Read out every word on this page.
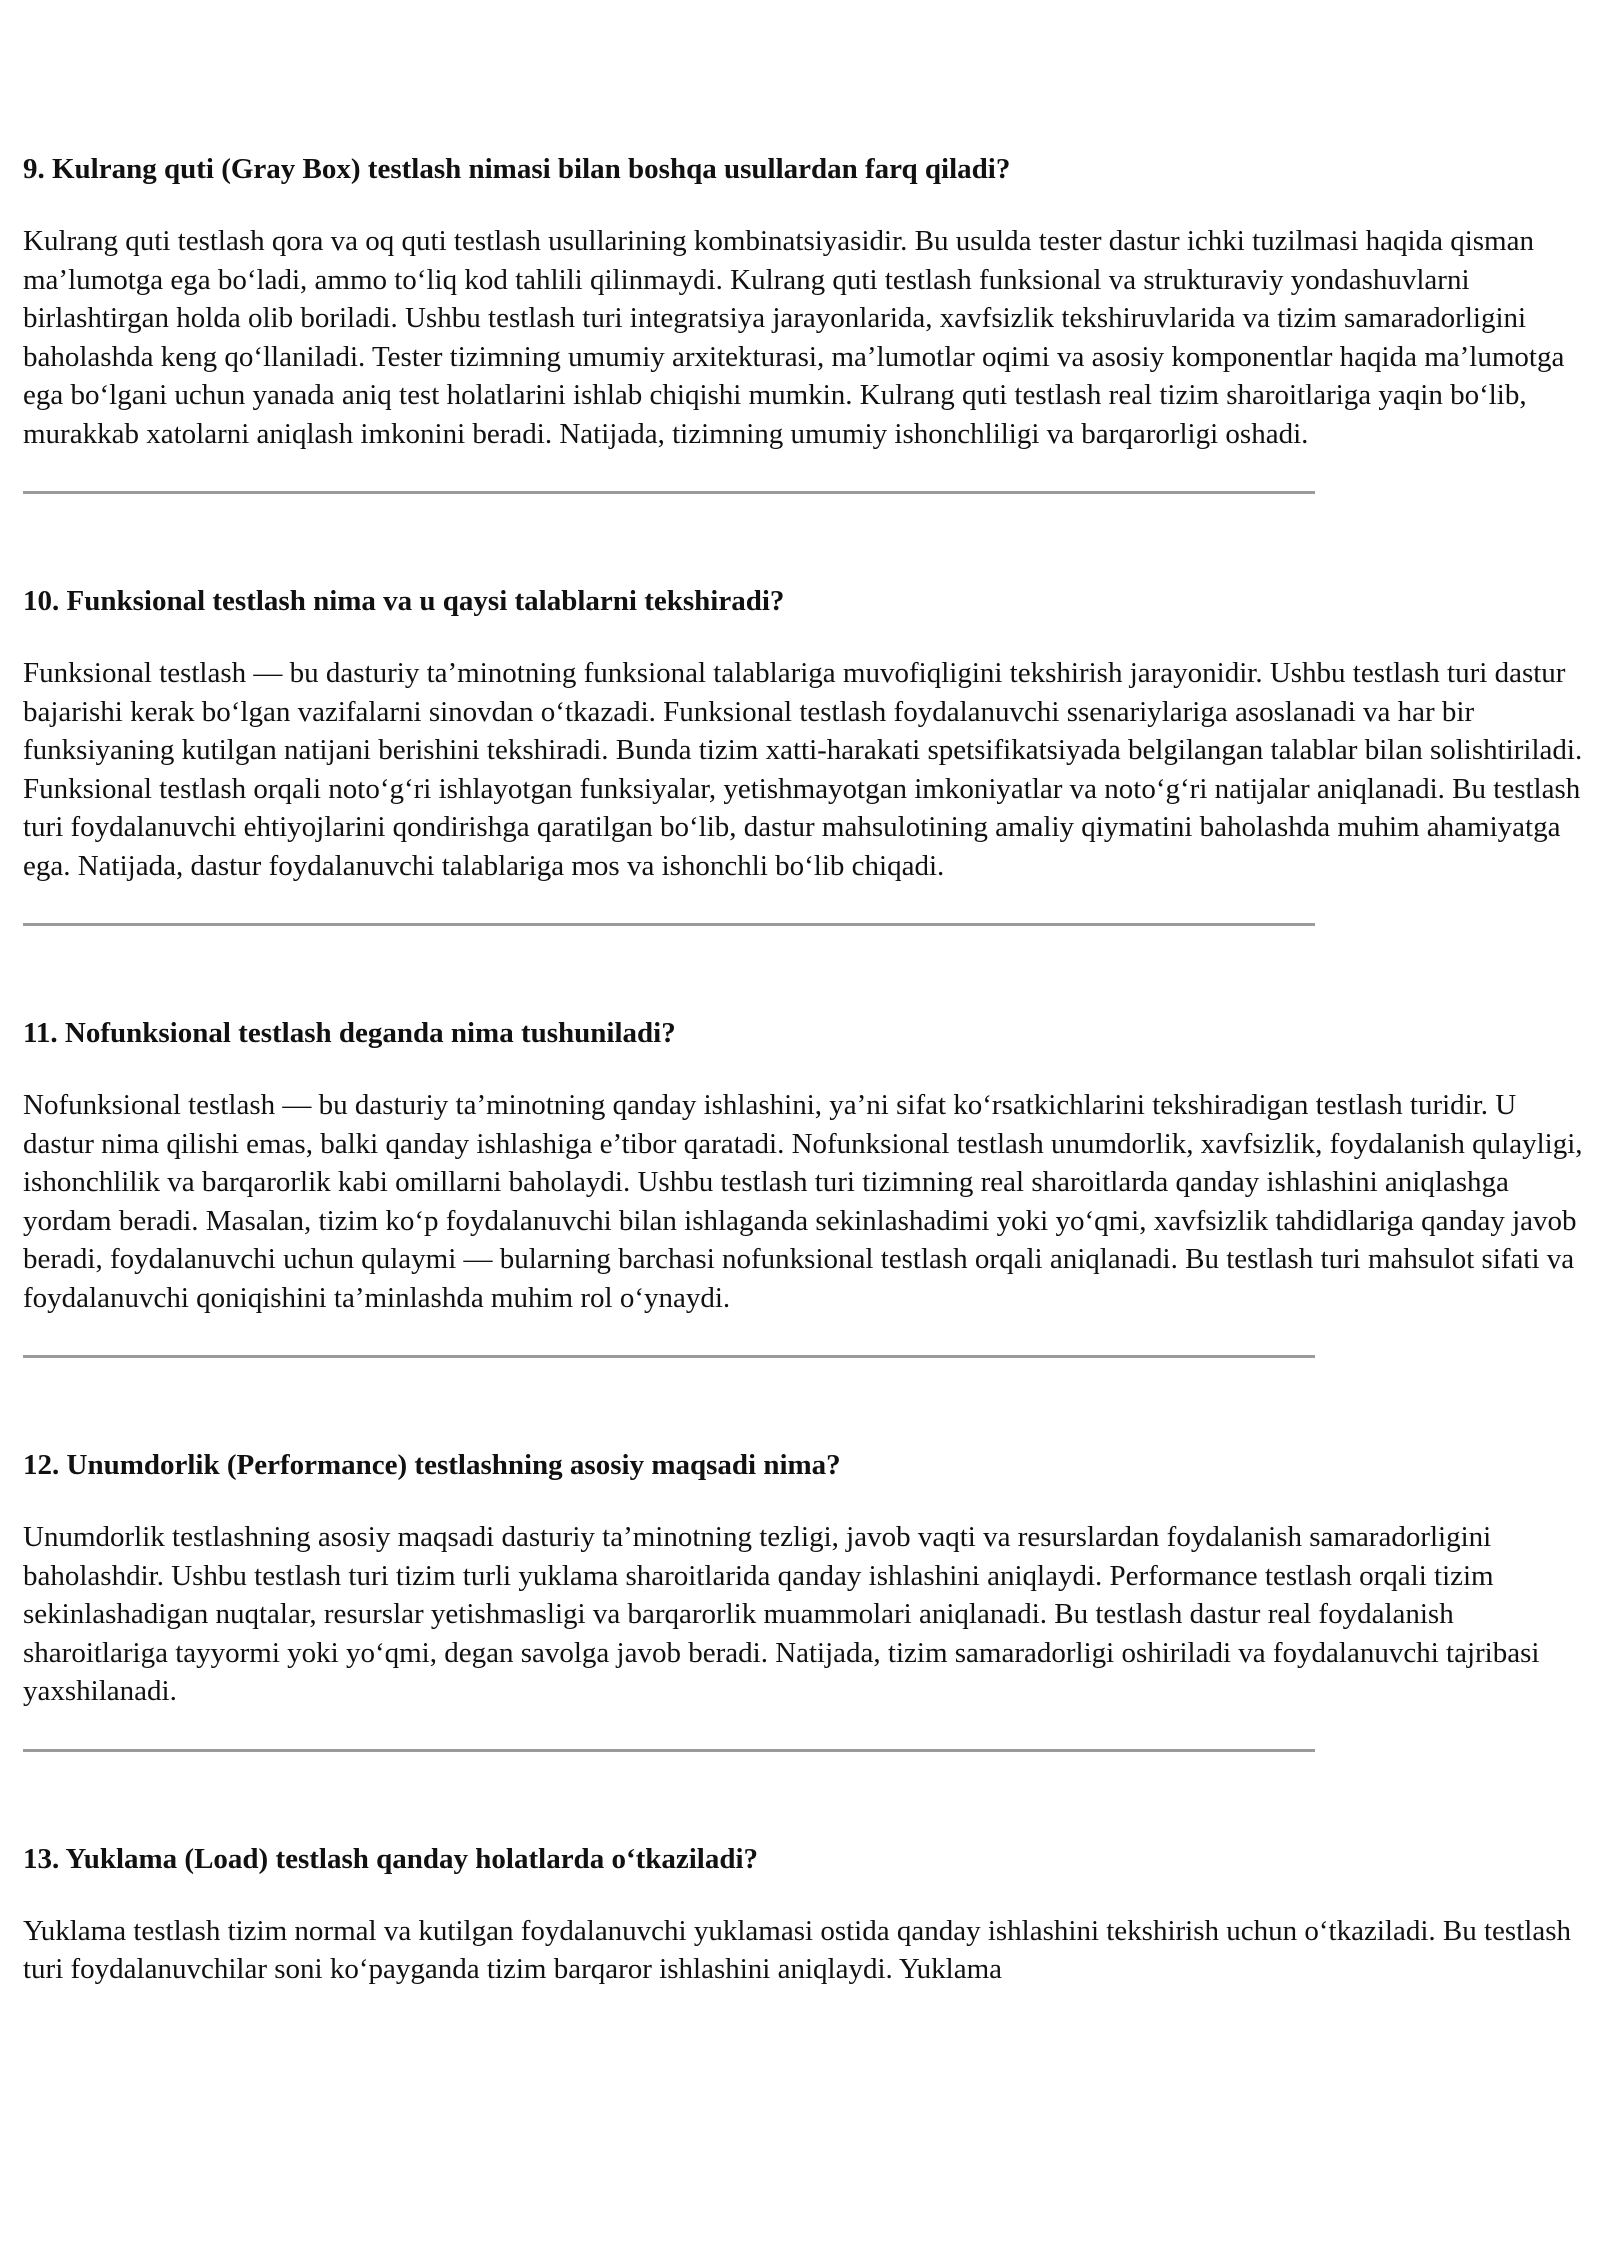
9. Kulrang quti (Gray Box) testlash nimasi bilan boshqa usullardan farq qiladi?

Kulrang quti testlash qora va oq quti testlash usullarining kombinatsiyasidir. Bu usulda tester dastur ichki tuzilmasi haqida qisman ma’lumotga ega bo‘ladi, ammo to‘liq kod tahlili qilinmaydi. Kulrang quti testlash funksional va strukturaviy yondashuvlarni birlashtirgan holda olib boriladi. Ushbu testlash turi integratsiya jarayonlarida, xavfsizlik tekshiruvlarida va tizim samaradorligini baholashda keng qo‘llaniladi. Tester tizimning umumiy arxitekturasi, ma’lumotlar oqimi va asosiy komponentlar haqida ma’lumotga ega bo‘lgani uchun yanada aniq test holatlarini ishlab chiqishi mumkin. Kulrang quti testlash real tizim sharoitlariga yaqin bo‘lib, murakkab xatolarni aniqlash imkonini beradi. Natijada, tizimning umumiy ishonchliligi va barqarorligi oshadi.

10. Funksional testlash nima va u qaysi talablarni tekshiradi?

Funksional testlash — bu dasturiy ta’minotning funksional talablariga muvofiqligini tekshirish jarayonidir. Ushbu testlash turi dastur bajarishi kerak bo‘lgan vazifalarni sinovdan o‘tkazadi. Funksional testlash foydalanuvchi ssenariylariga asoslanadi va har bir funksiyaning kutilgan natijani berishini tekshiradi. Bunda tizim xatti-harakati spetsifikatsiyada belgilangan talablar bilan solishtiriladi. Funksional testlash orqali noto‘g‘ri ishlayotgan funksiyalar, yetishmayotgan imkoniyatlar va noto‘g‘ri natijalar aniqlanadi. Bu testlash turi foydalanuvchi ehtiyojlarini qondirishga qaratilgan bo‘lib, dastur mahsulotining amaliy qiymatini baholashda muhim ahamiyatga ega. Natijada, dastur foydalanuvchi talablariga mos va ishonchli bo‘lib chiqadi.

11. Nofunksional testlash deganda nima tushuniladi?

Nofunksional testlash — bu dasturiy ta’minotning qanday ishlashini, ya’ni sifat ko‘rsatkichlarini tekshiradigan testlash turidir. U dastur nima qilishi emas, balki qanday ishlashiga e’tibor qaratadi. Nofunksional testlash unumdorlik, xavfsizlik, foydalanish qulayligi, ishonchlilik va barqarorlik kabi omillarni baholaydi. Ushbu testlash turi tizimning real sharoitlarda qanday ishlashini aniqlashga yordam beradi. Masalan, tizim ko‘p foydalanuvchi bilan ishlaganda sekinlashadimi yoki yo‘qmi, xavfsizlik tahdidlariga qanday javob beradi, foydalanuvchi uchun qulaymi — bularning barchasi nofunksional testlash orqali aniqlanadi. Bu testlash turi mahsulot sifati va foydalanuvchi qoniqishini ta’minlashda muhim rol o‘ynaydi.

12. Unumdorlik (Performance) testlashning asosiy maqsadi nima?

Unumdorlik testlashning asosiy maqsadi dasturiy ta’minotning tezligi, javob vaqti va resurslardan foydalanish samaradorligini baholashdir. Ushbu testlash turi tizim turli yuklama sharoitlarida qanday ishlashini aniqlaydi. Performance testlash orqali tizim sekinlashadigan nuqtalar, resurslar yetishmasligi va barqarorlik muammolari aniqlanadi. Bu testlash dastur real foydalanish sharoitlariga tayyormi yoki yo‘qmi, degan savolga javob beradi. Natijada, tizim samaradorligi oshiriladi va foydalanuvchi tajribasi yaxshilanadi.

13. Yuklama (Load) testlash qanday holatlarda o‘tkaziladi?

Yuklama testlash tizim normal va kutilgan foydalanuvchi yuklamasi ostida qanday ishlashini tekshirish uchun o‘tkaziladi. Bu testlash turi foydalanuvchilar soni ko‘payganda tizim barqaror ishlashini aniqlaydi. Yuklama
